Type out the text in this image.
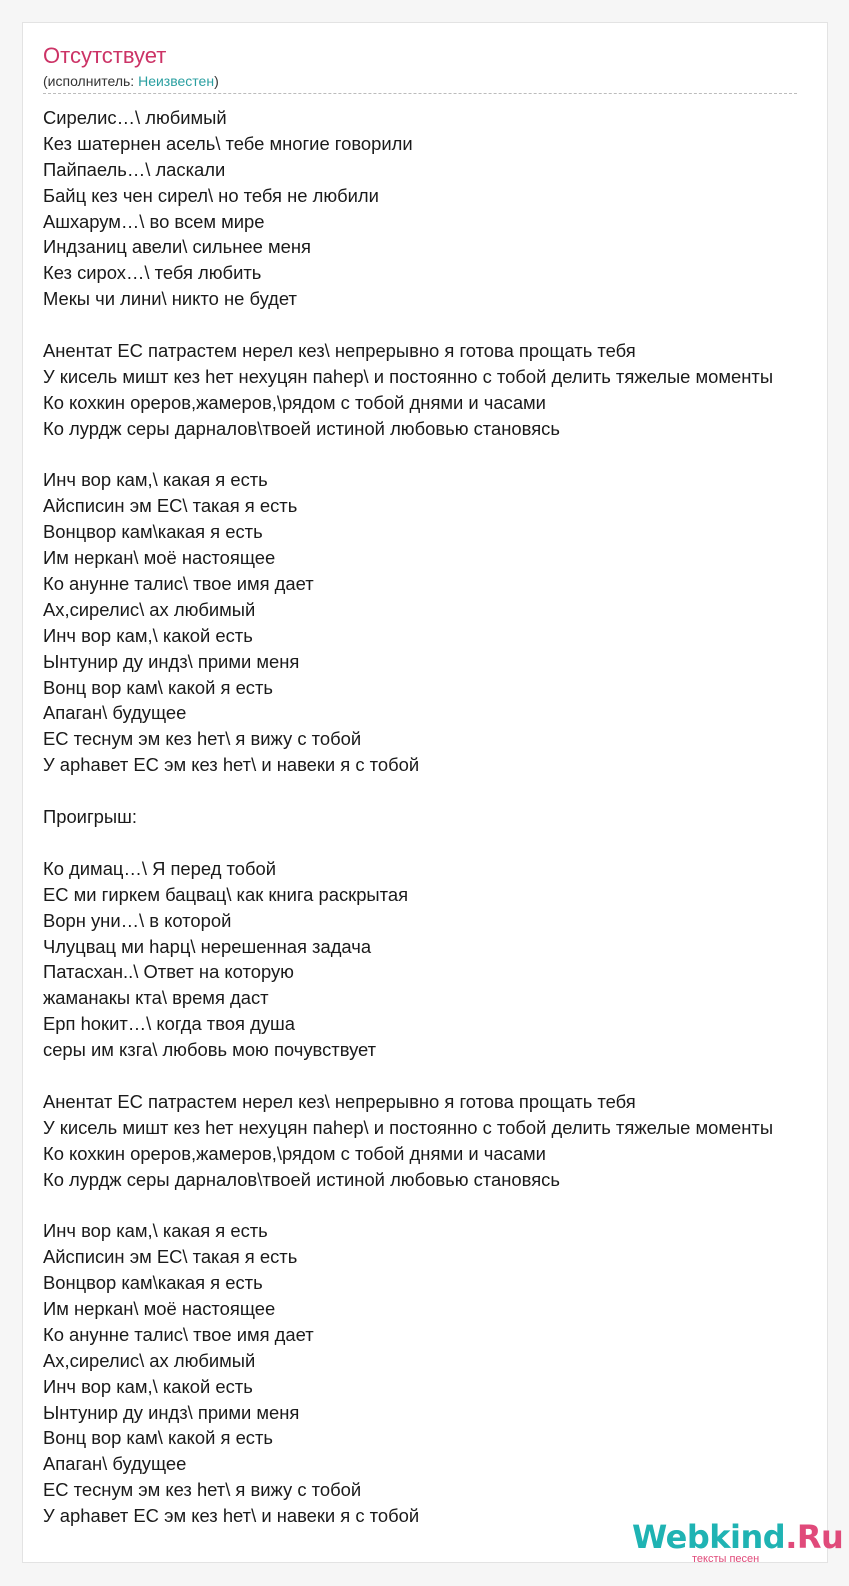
Отсутствует
(исполнитель: Неизвестен)
Сирелис…\ любимый
Кез шатернен асель\ тебе многие говорили
Пайпаель…\ ласкали
Байц кез чен сирел\ но тебя не любили
Ашхарум…\ во всем мире
Индзаниц авели\ сильнее меня
Кез сирох…\ тебя любить
Мекы чи лини\ никто не будет
Анентат ЕС патрастем нерел кез\ непрерывно я готова прощать тебя
У кисель мишт кез hет нехуцян пahер\ и постоянно с тобой делить тяжелые моменты
Ко кохкин ореров,жамеров,\рядом с тобой днями и часами
Ко лурдж серы дарналов\твоей истиной любовью становясь
Инч вор кам,\ какая я есть
Айсписин эм ЕС\ такая я есть
Вонцвор кам\какая я есть
Им неркан\ моё настоящее
Ко анунне талис\ твое имя дает
Ах,сирелис\ ах любимый
Инч вор кам,\ какой есть
Ынтунир ду индз\ прими меня
Вонц вор кам\ какой я есть
Апаган\ будущее
ЕС теснум эм кез hет\ я вижу с тобой
У арhавет ЕС эм кез hет\ и навеки я с тобой
Проигрыш:
Ко димац…\ Я перед тобой
ЕС ми гиркем бацвац\ как книга раскрытая
Ворн уни…\ в которой
Члуцвац ми hарц\ нерешенная задача
Патасхан..\ Ответ на которую
жаманакы кта\ время даст
Ерп hокит…\ когда твоя душа
серы им кзга\ любовь мою почувствует
Анентат ЕС патрастем нерел кез\ непрерывно я готова прощать тебя
У кисель мишт кез hет нехуцян пahер\ и постоянно с тобой делить тяжелые моменты
Ко кохкин ореров,жамеров,\рядом с тобой днями и часами
Ко лурдж серы дарналов\твоей истиной любовью становясь
Инч вор кам,\ какая я есть
Айсписин эм ЕС\ такая я есть
Вонцвор кам\какая я есть
Им неркан\ моё настоящее
Ко анунне талис\ твое имя дает
Ах,сирелис\ ах любимый
Инч вор кам,\ какой есть
Ынтунир ду индз\ прими меня
Вонц вор кам\ какой я есть
Апаган\ будущее
ЕС теснум эм кез hет\ я вижу с тобой
У арhавет ЕС эм кез hет\ и навеки я с тобой
Webkind.Ru
тексты песен
